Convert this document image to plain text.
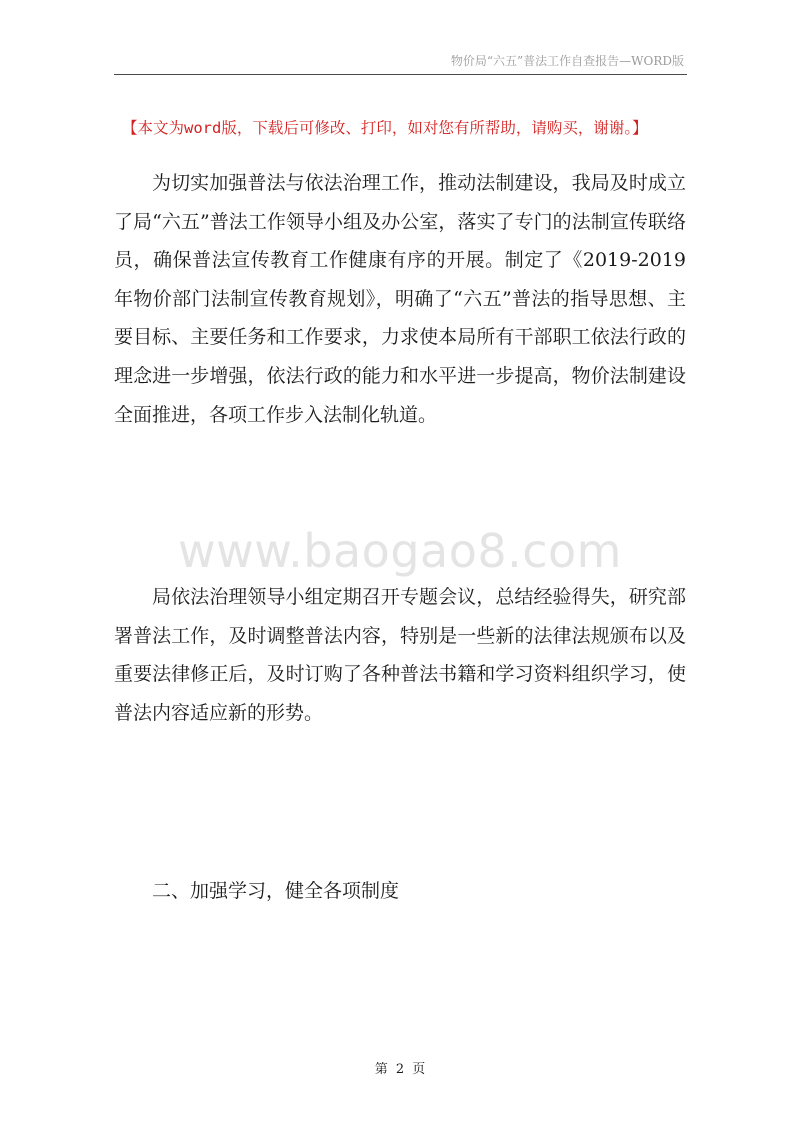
物价局“六五”普法工作自查报告—WORD版
【本文为word版，下载后可修改、打印，如对您有所帮助，请购买，谢谢。】

为切实加强普法与依法治理工作，推动法制建设，我局及时成立了局“六五”普法工作领导小组及办公室，落实了专门的法制宣传联络员，确保普法宣传教育工作健康有序的开展。制定了《2019-2019年物价部门法制宣传教育规划》，明确了“六五”普法的指导思想、主要目标、主要任务和工作要求，力求使本局所有干部职工依法行政的理念进一步增强，依法行政的能力和水平进一步提高，物价法制建设全面推进，各项工作步入法制化轨道。

www.baogao8.com

局依法治理领导小组定期召开专题会议，总结经验得失，研究部署普法工作，及时调整普法内容，特别是一些新的法律法规颁布以及重要法律修正后，及时订购了各种普法书籍和学习资料组织学习，使普法内容适应新的形势。

二、加强学习，健全各项制度
第 2 页
